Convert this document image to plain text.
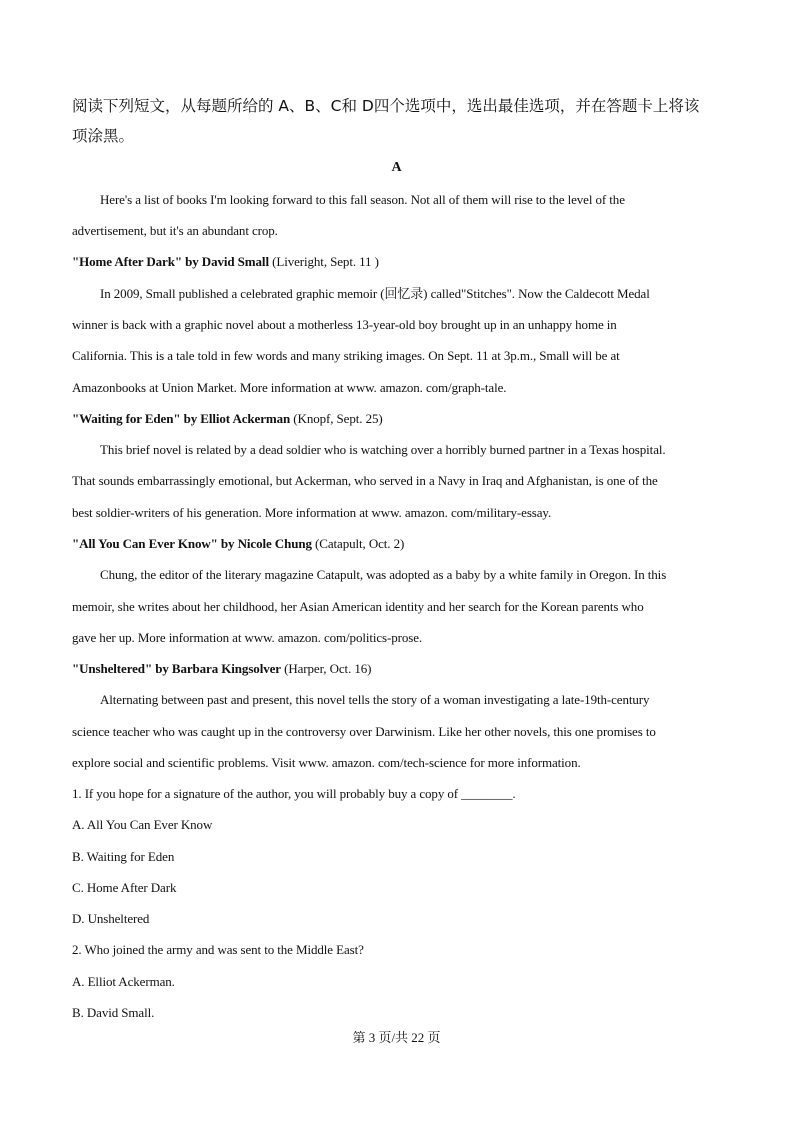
阅读下列短文，从每题所给的 A、B、C和 D四个选项中，选出最佳选项，并在答题卡上将该
项涂黑。
A
Here's a list of books I'm looking forward to this fall season. Not all of them will rise to the level of the
advertisement, but it's an abundant crop.
"Home After Dark" by David Small (Liveright, Sept. 11 )
In 2009, Small published a celebrated graphic memoir (回忆录) called"Stitches". Now the Caldecott Medal
winner is back with a graphic novel about a motherless 13-year-old boy brought up in an unhappy home in
California. This is a tale told in few words and many striking images. On Sept. 11 at 3p.m., Small will be at
Amazonbooks at Union Market. More information at www. amazon. com/graph-tale.
"Waiting for Eden" by Elliot Ackerman (Knopf, Sept. 25)
This brief novel is related by a dead soldier who is watching over a horribly burned partner in a Texas hospital.
That sounds embarrassingly emotional, but Ackerman, who served in a Navy in Iraq and Afghanistan, is one of the
best soldier-writers of his generation. More information at www. amazon. com/military-essay.
"All You Can Ever Know" by Nicole Chung (Catapult, Oct. 2)
Chung, the editor of the literary magazine Catapult, was adopted as a baby by a white family in Oregon. In this
memoir, she writes about her childhood, her Asian American identity and her search for the Korean parents who
gave her up. More information at www. amazon. com/politics-prose.
"Unsheltered" by Barbara Kingsolver (Harper, Oct. 16)
Alternating between past and present, this novel tells the story of a woman investigating a late-19th-century
science teacher who was caught up in the controversy over Darwinism. Like her other novels, this one promises to
explore social and scientific problems. Visit www. amazon. com/tech-science for more information.
1. If you hope for a signature of the author, you will probably buy a copy of ________.
A. All You Can Ever Know
B. Waiting for Eden
C. Home After Dark
D. Unsheltered
2. Who joined the army and was sent to the Middle East?
A. Elliot Ackerman.
B. David Small.
第 3 页/共 22 页
